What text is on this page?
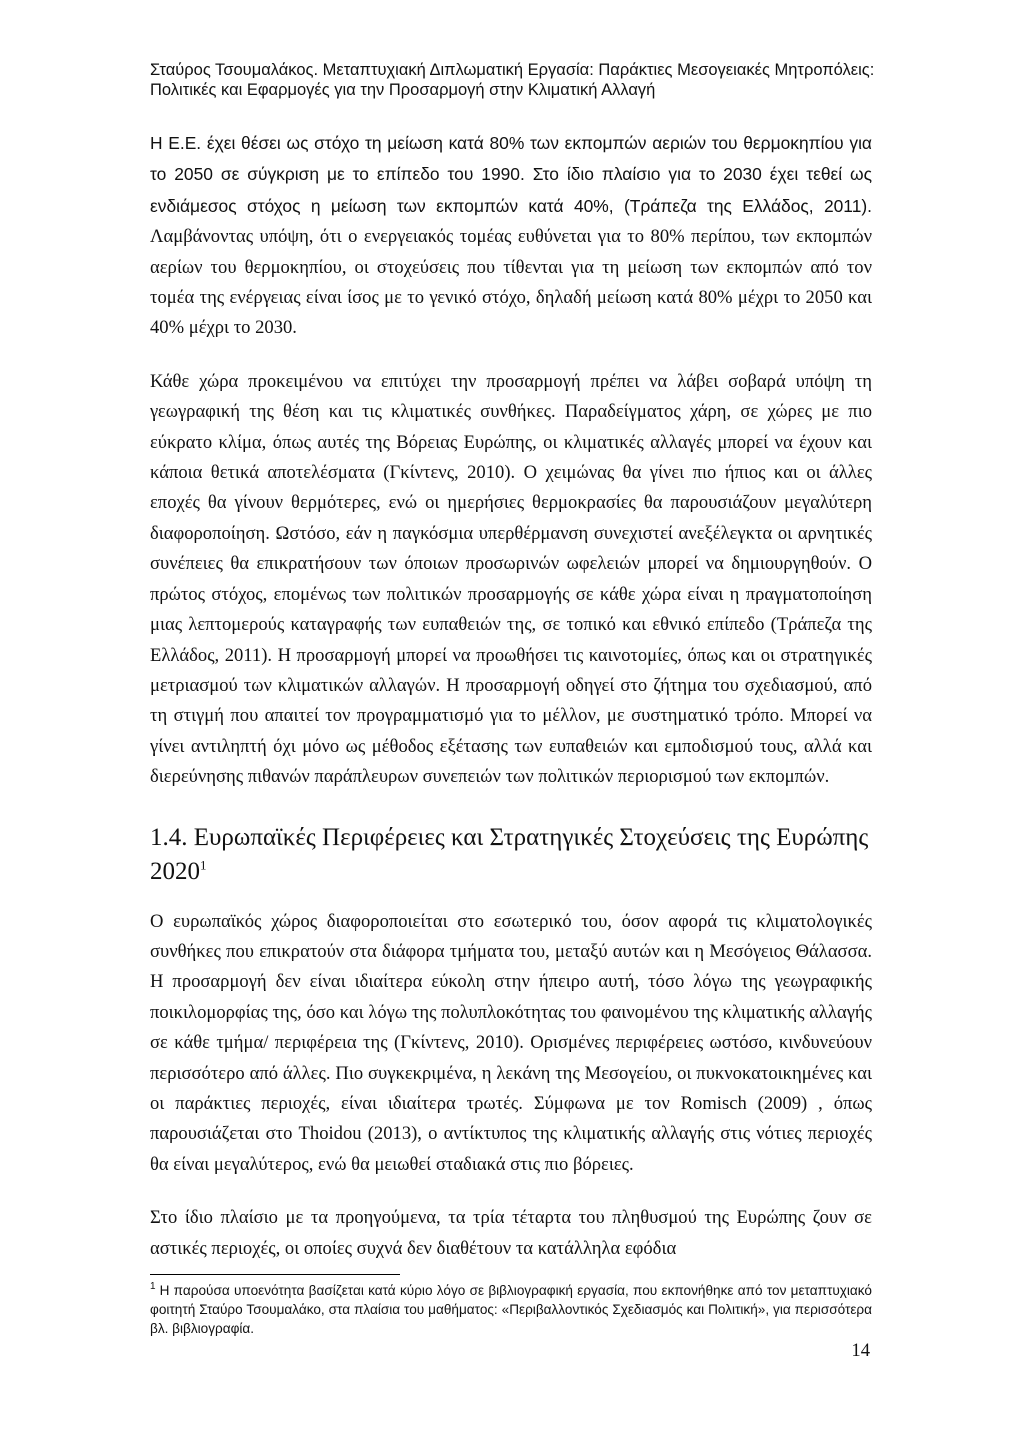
Σταύρος Τσουμαλάκος. Μεταπτυχιακή Διπλωματική Εργασία: Παράκτιες Μεσογειακές Μητροπόλεις:
Πολιτικές και Εφαρμογές για την Προσαρμογή στην Κλιματική Αλλαγή

Η Ε.Ε. έχει θέσει ως στόχο τη μείωση κατά 80% των εκπομπών αεριών του θερμοκηπίου για το 2050 σε σύγκριση με το επίπεδο του 1990. Στο ίδιο πλαίσιο για το 2030 έχει τεθεί ως ενδιάμεσος στόχος η μείωση των εκπομπών κατά 40%, (Τράπεζα της Ελλάδος, 2011). Λαμβάνοντας υπόψη, ότι ο ενεργειακός τομέας ευθύνεται για το 80% περίπου, των εκπομπών αερίων του θερμοκηπίου, οι στοχεύσεις που τίθενται για τη μείωση των εκπομπών από τον τομέα της ενέργειας είναι ίσος με το γενικό στόχο, δηλαδή μείωση κατά 80% μέχρι το 2050 και 40% μέχρι το 2030.

Κάθε χώρα προκειμένου να επιτύχει την προσαρμογή πρέπει να λάβει σοβαρά υπόψη τη γεωγραφική της θέση και τις κλιματικές συνθήκες. Παραδείγματος χάρη, σε χώρες με πιο εύκρατο κλίμα, όπως αυτές της Βόρειας Ευρώπης, οι κλιματικές αλλαγές μπορεί να έχουν και κάποια θετικά αποτελέσματα (Γκίντενς, 2010). Ο χειμώνας θα γίνει πιο ήπιος και οι άλλες εποχές θα γίνουν θερμότερες, ενώ οι ημερήσιες θερμοκρασίες θα παρουσιάζουν μεγαλύτερη διαφοροποίηση. Ωστόσο, εάν η παγκόσμια υπερθέρμανση συνεχιστεί ανεξέλεγκτα οι αρνητικές συνέπειες θα επικρατήσουν των όποιων προσωρινών ωφελειών μπορεί να δημιουργηθούν. Ο πρώτος στόχος, επομένως των πολιτικών προσαρμογής σε κάθε χώρα είναι η πραγματοποίηση μιας λεπτομερούς καταγραφής των ευπαθειών της, σε τοπικό και εθνικό επίπεδο (Τράπεζα της Ελλάδος, 2011). Η προσαρμογή μπορεί να προωθήσει τις καινοτομίες, όπως και οι στρατηγικές μετριασμού των κλιματικών αλλαγών. Η προσαρμογή οδηγεί στο ζήτημα του σχεδιασμού, από τη στιγμή που απαιτεί τον προγραμματισμό για το μέλλον, με συστηματικό τρόπο. Μπορεί να γίνει αντιληπτή όχι μόνο ως μέθοδος εξέτασης των ευπαθειών και εμποδισμού τους, αλλά και διερεύνησης πιθανών παράπλευρων συνεπειών των πολιτικών περιορισμού των εκπομπών.

1.4. Ευρωπαϊκές Περιφέρειες και Στρατηγικές Στοχεύσεις της Ευρώπης 2020$^1$

Ο ευρωπαϊκός χώρος διαφοροποιείται στο εσωτερικό του, όσον αφορά τις κλιματολογικές συνθήκες που επικρατούν στα διάφορα τμήματα του, μεταξύ αυτών και η Μεσόγειος Θάλασσα. Η προσαρμογή δεν είναι ιδιαίτερα εύκολη στην ήπειρο αυτή, τόσο λόγω της γεωγραφικής ποικιλομορφίας της, όσο και λόγω της πολυπλοκότητας του φαινομένου της κλιματικής αλλαγής σε κάθε τμήμα/ περιφέρεια της (Γκίντενς, 2010). Ορισμένες περιφέρειες ωστόσο, κινδυνεύουν περισσότερο από άλλες. Πιο συγκεκριμένα, η λεκάνη της Μεσογείου, οι πυκνοκατοικημένες και οι παράκτιες περιοχές, είναι ιδιαίτερα τρωτές. Σύμφωνα με τον Romisch (2009) , όπως παρουσιάζεται στο Thoidou (2013), ο αντίκτυπος της κλιματικής αλλαγής στις νότιες περιοχές θα είναι μεγαλύτερος, ενώ θα μειωθεί σταδιακά στις πιο βόρειες.

Στο ίδιο πλαίσιο με τα προηγούμενα, τα τρία τέταρτα του πληθυσμού της Ευρώπης ζουν σε αστικές περιοχές, οι οποίες συχνά δεν διαθέτουν τα κατάλληλα εφόδια

$^1$ Η παρούσα υποενότητα βασίζεται κατά κύριο λόγο σε βιβλιογραφική εργασία, που εκπονήθηκε από τον μεταπτυχιακό φοιτητή Σταύρο Τσουμαλάκο, στα πλαίσια του μαθήματος: «Περιβαλλοντικός Σχεδιασμός και Πολιτική», για περισσότερα βλ. βιβλιογραφία.

14
